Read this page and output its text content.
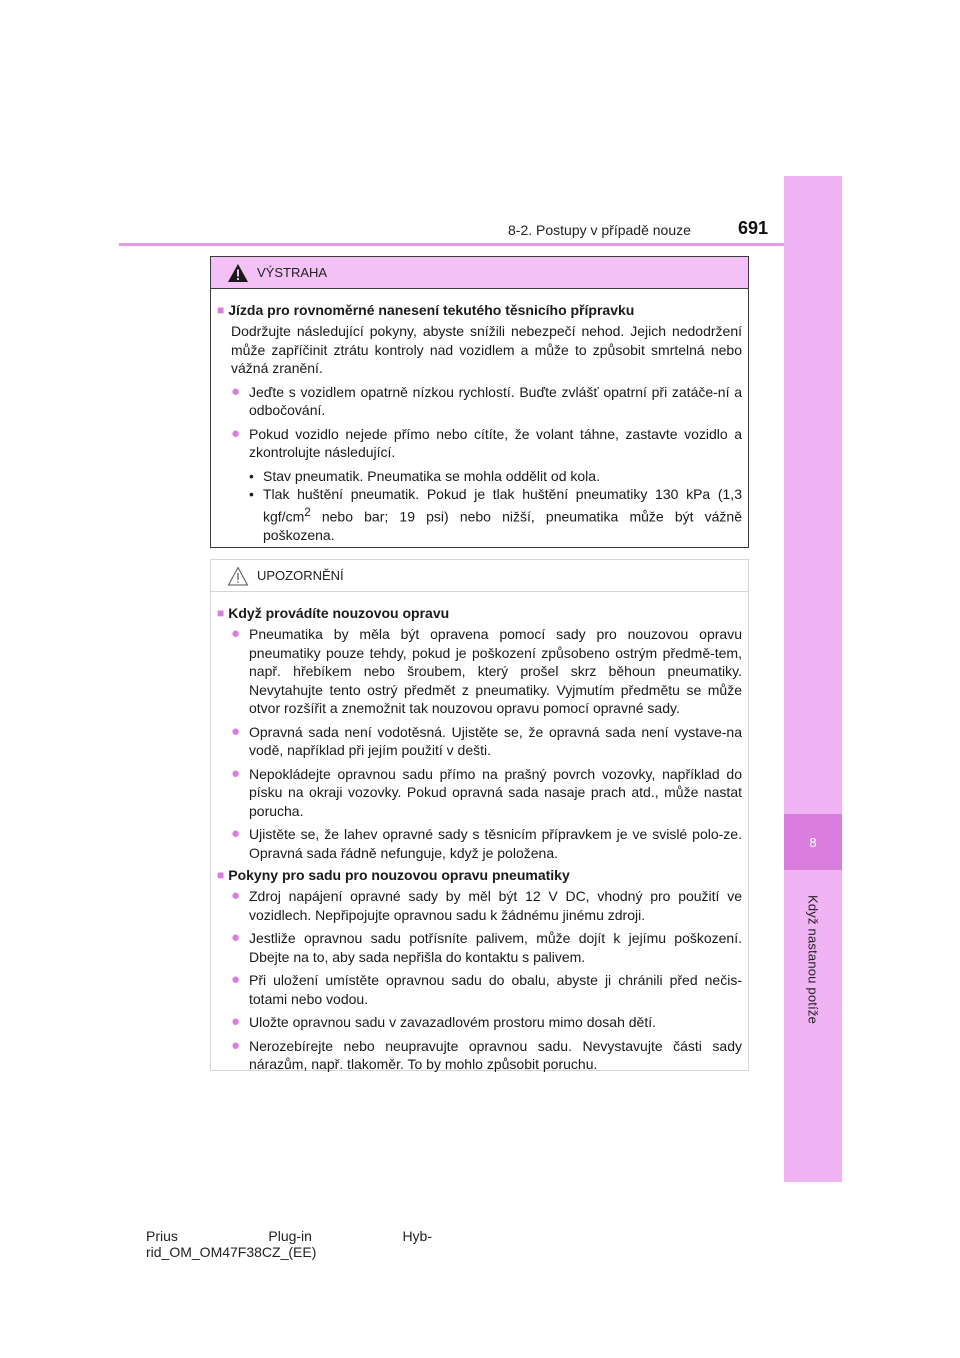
8
Když nastanou potíže
8-2. Postupy v případě nouze	691
VÝSTRAHA
■ Jízda pro rovnoměrné nanesení tekutého těsnicího přípravku
Dodržujte následující pokyny, abyste snížili nebezpečí nehod. Jejich nedodržení může zapříčinit ztrátu kontroly nad vozidlem a může to způsobit smrtelná nebo vážná zranění.
● Jeďte s vozidlem opatrně nízkou rychlostí. Buďte zvlášť opatrní při zatáče-ní a odbočování.
● Pokud vozidlo nejede přímo nebo cítíte, že volant táhne, zastavte vozidlo a zkontrolujte následující.
• Stav pneumatik. Pneumatika se mohla oddělit od kola.
• Tlak huštění pneumatik. Pokud je tlak huštění pneumatiky 130 kPa (1,3 kgf/$cm^2$ nebo bar; 19 psi) nebo nižší, pneumatika může být vážně poškozena.
UPOZORNĚNÍ
■ Když provádíte nouzovou opravu
● Pneumatika by měla být opravena pomocí sady pro nouzovou opravu pneumatiky pouze tehdy, pokud je poškození způsobeno ostrým předmě-tem, např. hřebíkem nebo šroubem, který prošel skrz běhoun pneumatiky. Nevytahujte tento ostrý předmět z pneumatiky. Vyjmutím předmětu se může otvor rozšířit a znemožnit tak nouzovou opravu pomocí opravné sady.
● Opravná sada není vodotěsná. Ujistěte se, že opravná sada není vystave-na vodě, například při jejím použití v dešti.
● Nepokládejte opravnou sadu přímo na prašný povrch vozovky, například do písku na okraji vozovky. Pokud opravná sada nasaje prach atd., může nastat porucha.
● Ujistěte se, že lahev opravné sady s těsnicím přípravkem je ve svislé polo-ze. Opravná sada řádně nefunguje, když je položena.
■ Pokyny pro sadu pro nouzovou opravu pneumatiky
● Zdroj napájení opravné sady by měl být 12 V DC, vhodný pro použití ve vozidlech. Nepřipojujte opravnou sadu k žádnému jinému zdroji.
● Jestliže opravnou sadu potřísníte palivem, může dojít k jejímu poškození. Dbejte na to, aby sada nepřišla do kontaktu s palivem.
● Při uložení umístěte opravnou sadu do obalu, abyste ji chránili před nečis-totami nebo vodou.
● Uložte opravnou sadu v zavazadlovém prostoru mimo dosah dětí.
● Nerozebírejte nebo neupravujte opravnou sadu. Nevystavujte části sady nárazům, např. tlakoměr. To by mohlo způsobit poruchu.
Prius	Plug-in	Hyb-
rid_OM_OM47F38CZ_(EE)
